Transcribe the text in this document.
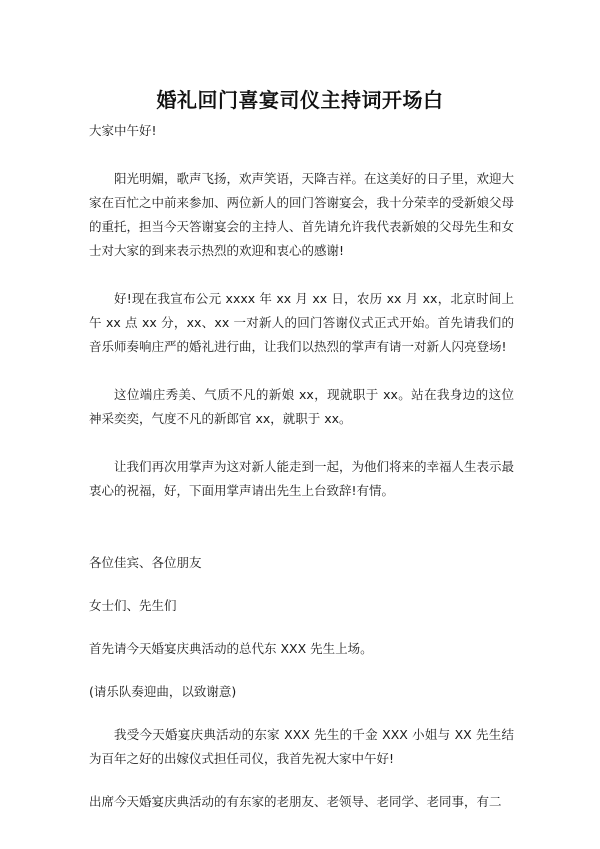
婚礼回门喜宴司仪主持词开场白

大家中午好!

阳光明媚，歌声飞扬，欢声笑语，天降吉祥。在这美好的日子里，欢迎大家在百忙之中前来参加、两位新人的回门答谢宴会，我十分荣幸的受新娘父母的重托，担当今天答谢宴会的主持人、首先请允许我代表新娘的父母先生和女士对大家的到来表示热烈的欢迎和衷心的感谢!

好!现在我宣布公元 xxxx 年 xx 月 xx 日，农历 xx 月 xx，北京时间上午 xx 点 xx 分，xx、xx 一对新人的回门答谢仪式正式开始。首先请我们的音乐师奏响庄严的婚礼进行曲，让我们以热烈的掌声有请一对新人闪亮登场!

这位端庄秀美、气质不凡的新娘 xx，现就职于 xx。站在我身边的这位神采奕奕，气度不凡的新郎官 xx，就职于 xx。

让我们再次用掌声为这对新人能走到一起，为他们将来的幸福人生表示最衷心的祝福，好，下面用掌声请出先生上台致辞!有情。

各位佳宾、各位朋友

女士们、先生们

首先请今天婚宴庆典活动的总代东 XXX 先生上场。

(请乐队奏迎曲，以致谢意)

我受今天婚宴庆典活动的东家 XXX 先生的千金 XXX 小姐与 XX 先生结为百年之好的出嫁仪式担任司仪，我首先祝大家中午好!

出席今天婚宴庆典活动的有东家的老朋友、老领导、老同学、老同事，有二
